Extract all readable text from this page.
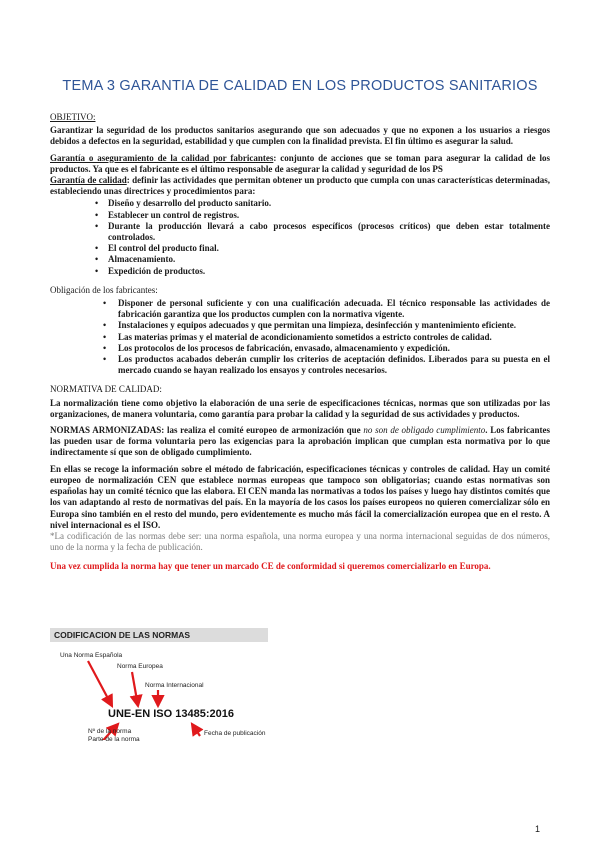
TEMA 3 GARANTIA DE CALIDAD EN LOS PRODUCTOS SANITARIOS
OBJETIVO:

Garantizar la seguridad de los productos sanitarios asegurando que son adecuados y que no exponen a los usuarios a riesgos debidos a defectos en la seguridad, estabilidad y que cumplen con la finalidad prevista. El fin último es asegurar la salud.

Garantía o aseguramiento de la calidad por fabricantes: conjunto de acciones que se toman para asegurar la calidad de los productos. Ya que es el fabricante es el último responsable de asegurar la calidad y seguridad de los PS

Garantía de calidad: definir las actividades que permitan obtener un producto que cumpla con unas características determinadas, estableciendo unas directrices y procedimientos para:

• Diseño y desarrollo del producto sanitario.
• Establecer un control de registros.
• Durante la producción llevará a cabo procesos específicos (procesos críticos) que deben estar totalmente controlados.
• El control del producto final.
• Almacenamiento.
• Expedición de productos.
Obligación de los fabricantes:
• Disponer de personal suficiente y con una cualificación adecuada. El técnico responsable las actividades de fabricación garantiza que los productos cumplen con la normativa vigente.
• Instalaciones y equipos adecuados y que permitan una limpieza, desinfección y mantenimiento eficiente.
• Las materias primas y el material de acondicionamiento sometidos a estricto controles de calidad.
• Los protocolos de los procesos de fabricación, envasado, almacenamiento y expedición.
• Los productos acabados deberán cumplir los criterios de aceptación definidos. Liberados para su puesta en el mercado cuando se hayan realizado los ensayos y controles necesarios.
NORMATIVA DE CALIDAD:

La normalización tiene como objetivo la elaboración de una serie de especificaciones técnicas, normas que son utilizadas por las organizaciones, de manera voluntaria, como garantía para probar la calidad y la seguridad de sus actividades y productos.

NORMAS ARMONIZADAS: las realiza el comité europeo de armonización que no son de obligado cumplimiento. Los fabricantes las pueden usar de forma voluntaria pero las exigencias para la aprobación implican que cumplan esta normativa por lo que indirectamente sí que son de obligado cumplimiento.

En ellas se recoge la información sobre el método de fabricación, especificaciones técnicas y controles de calidad. Hay un comité europeo de normalización CEN que establece normas europeas que tampoco son obligatorias; cuando estas normativas son españolas hay un comité técnico que las elabora. El CEN manda las normativas a todos los países y luego hay distintos comités que los van adaptando al resto de normativas del país. En la mayoría de los casos los países europeos no quieren comercializar sólo en Europa sino también en el resto del mundo, pero evidentemente es mucho más fácil la comercialización europea que en el resto. A nivel internacional es el ISO.

*La codificación de las normas debe ser: una norma española, una norma europea y una norma internacional seguidas de dos números, uno de la norma y la fecha de publicación.

Una vez cumplida la norma hay que tener un marcado CE de conformidad si queremos comercializarlo en Europa.

CODIFICACION DE LAS NORMAS
Una Norma Española
Norma Europea
Norma Internacional
UNE-EN ISO 13485:2016
Nº de la norma
Parte de la norma
Fecha de publicación
1
